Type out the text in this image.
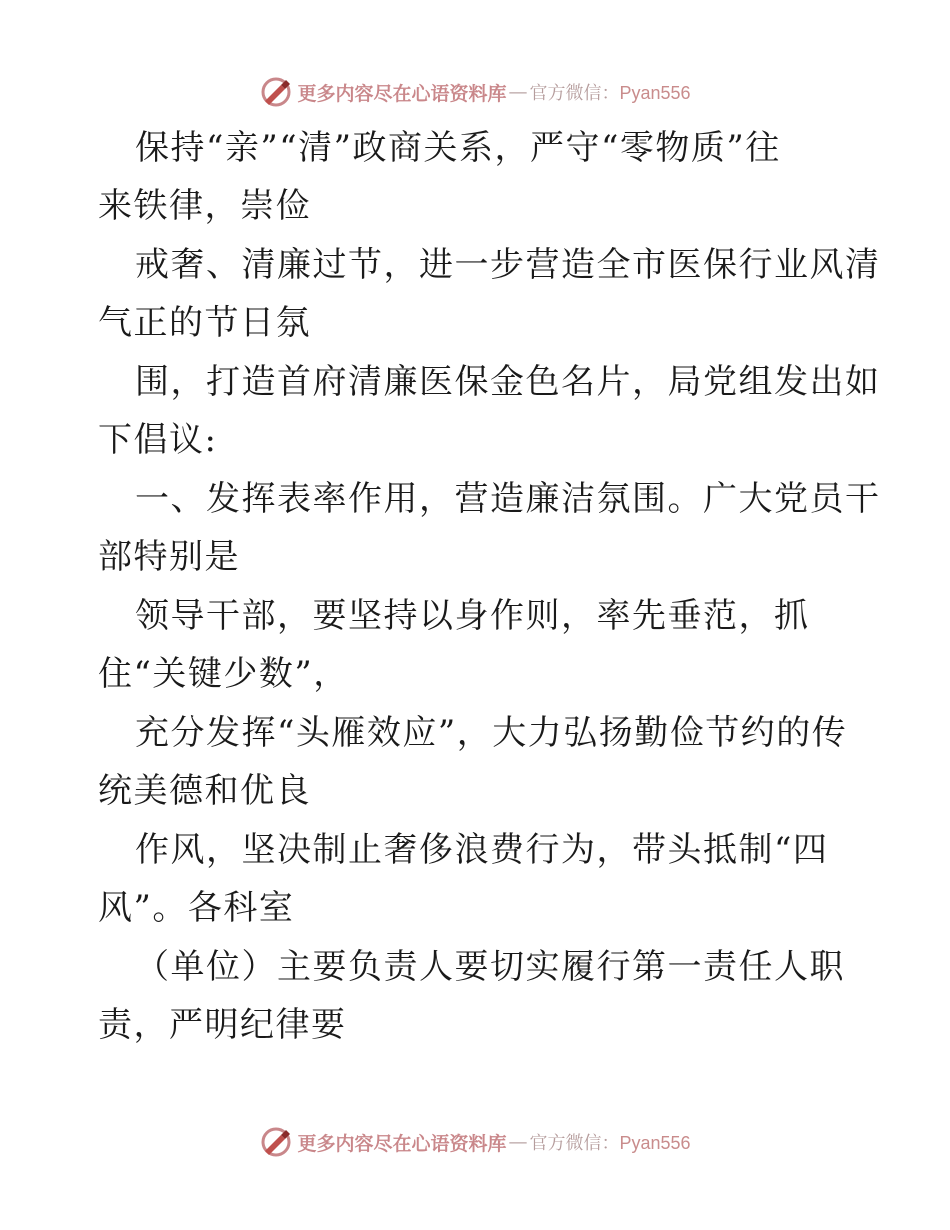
更多内容尽在心语资料库 — 官方微信：Pyan556
保持“亲”“清”政商关系，严守“零物质”往
来铁律，崇俭
戒奢、清廉过节，进一步营造全市医保行业风清
气正的节日氛
围，打造首府清廉医保金色名片，局党组发出如
下倡议:
一、发挥表率作用，营造廉洁氛围。广大党员干
部特别是
领导干部，要坚持以身作则，率先垂范，抓
住“关键少数”，
充分发挥“头雁效应”，大力弘扬勤俭节约的传
统美德和优良
作风，坚决制止奢侈浪费行为，带头抵制“四
风”。各科室
（单位）主要负责人要切实履行第一责任人职
责，严明纪律要
更多内容尽在心语资料库 — 官方微信：Pyan556
